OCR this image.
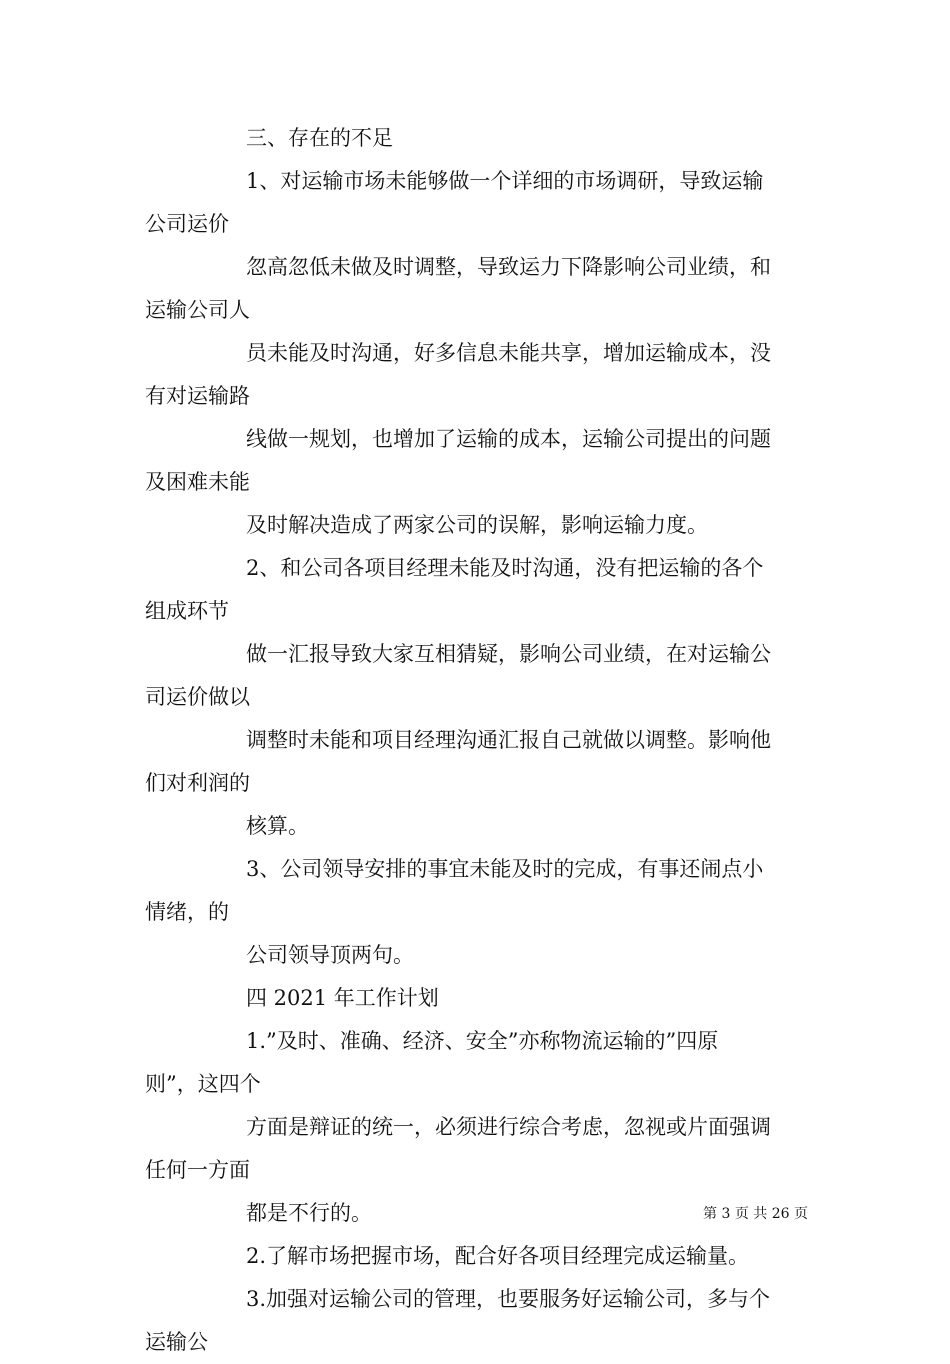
三、存在的不足
1、对运输市场未能够做一个详细的市场调研，导致运输
公司运价
忽高忽低未做及时调整，导致运力下降影响公司业绩，和
运输公司人
员未能及时沟通，好多信息未能共享，增加运输成本，没
有对运输路
线做一规划，也增加了运输的成本，运输公司提出的问题
及困难未能
及时解决造成了两家公司的误解，影响运输力度。
2、和公司各项目经理未能及时沟通，没有把运输的各个
组成环节
做一汇报导致大家互相猜疑，影响公司业绩，在对运输公
司运价做以
调整时未能和项目经理沟通汇报自己就做以调整。影响他
们对利润的
核算。
3、公司领导安排的事宜未能及时的完成，有事还闹点小
情绪，的
公司领导顶两句。
四 2021 年工作计划
1.”及时、准确、经济、安全”亦称物流运输的”四原
则”，这四个
方面是辩证的统一，必须进行综合考虑，忽视或片面强调
任何一方面
都是不行的。
2.了解市场把握市场，配合好各项目经理完成运输量。
3.加强对运输公司的管理，也要服务好运输公司，多与个
运输公
第 3 页 共 26 页
